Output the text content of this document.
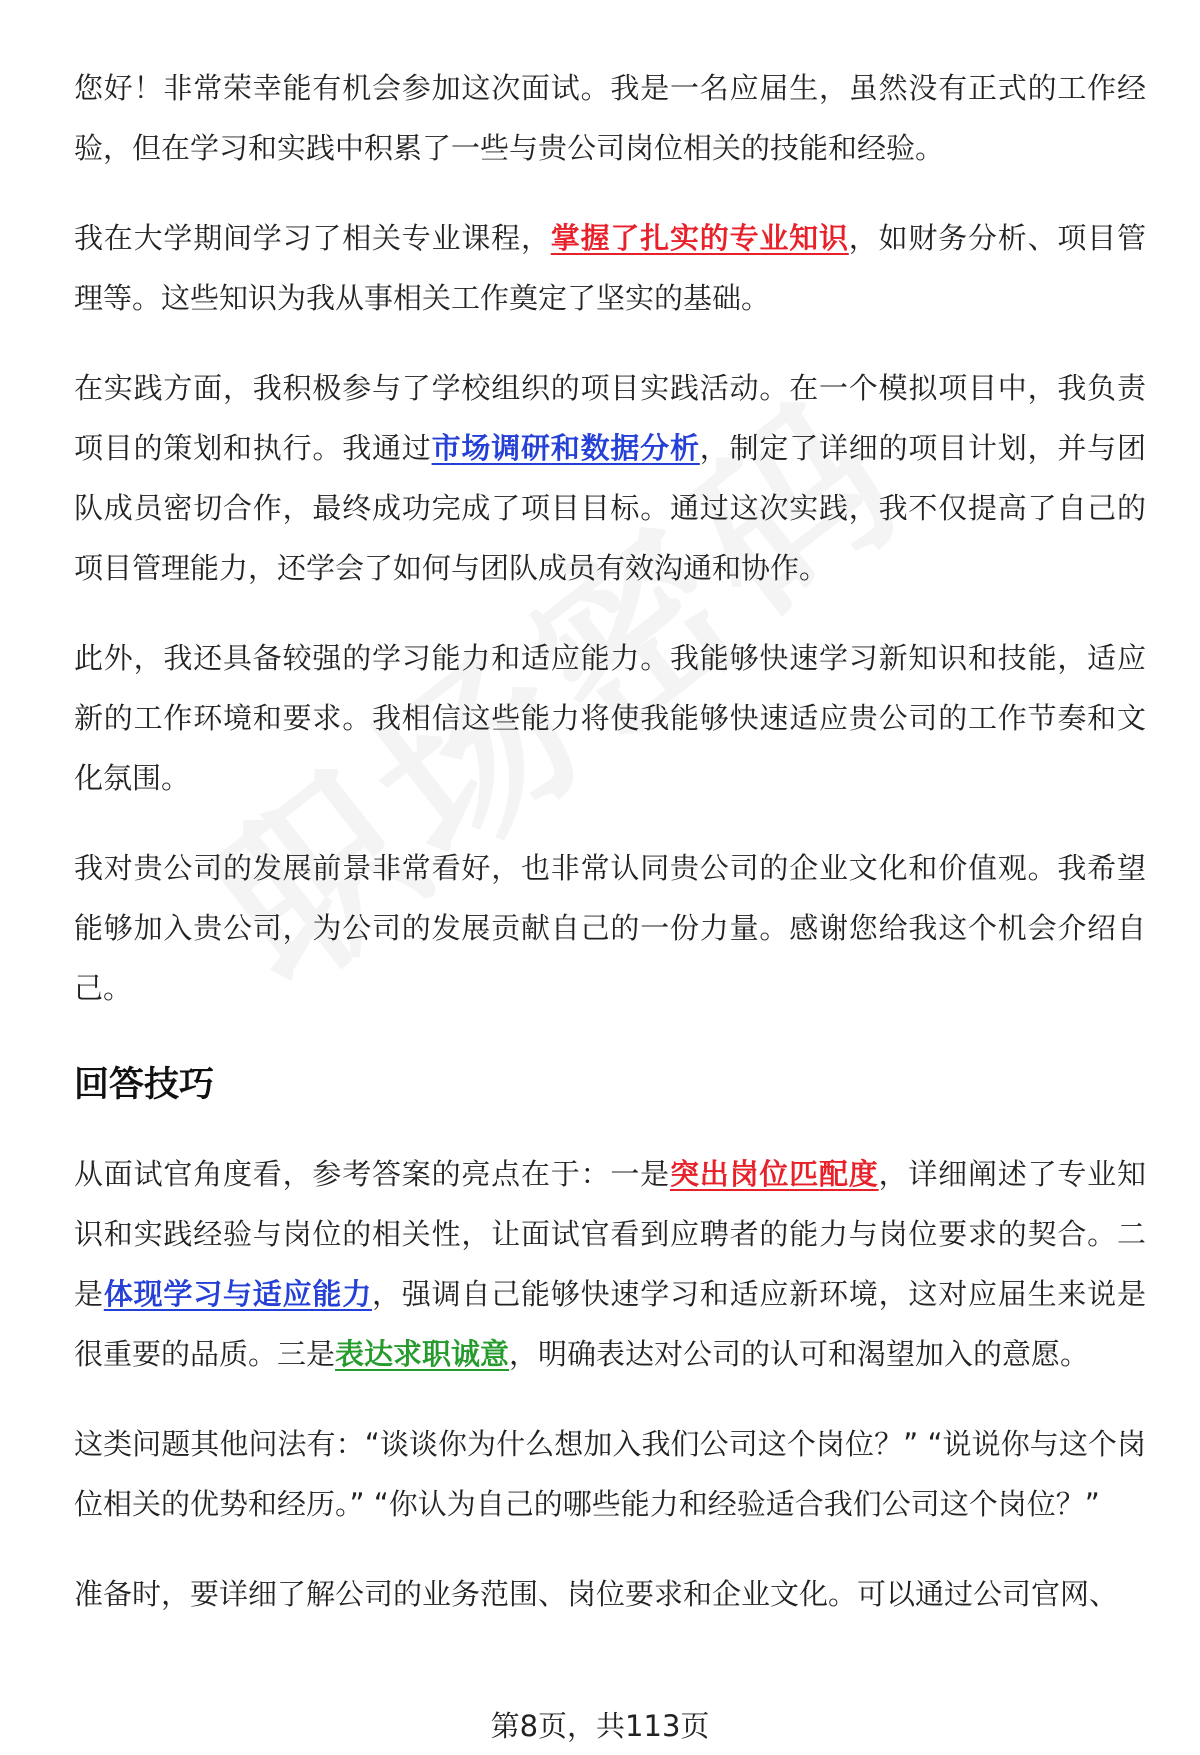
您好！非常荣幸能有机会参加这次面试。我是一名应届生，虽然没有正式的工作经验，但在学习和实践中积累了一些与贵公司岗位相关的技能和经验。

我在大学期间学习了相关专业课程，掌握了扎实的专业知识，如财务分析、项目管理等。这些知识为我从事相关工作奠定了坚实的基础。

在实践方面，我积极参与了学校组织的项目实践活动。在一个模拟项目中，我负责项目的策划和执行。我通过市场调研和数据分析，制定了详细的项目计划，并与团队成员密切合作，最终成功完成了项目目标。通过这次实践，我不仅提高了自己的项目管理能力，还学会了如何与团队成员有效沟通和协作。

此外，我还具备较强的学习能力和适应能力。我能够快速学习新知识和技能，适应新的工作环境和要求。我相信这些能力将使我能够快速适应贵公司的工作节奏和文化氛围。

我对贵公司的发展前景非常看好，也非常认同贵公司的企业文化和价值观。我希望能够加入贵公司，为公司的发展贡献自己的一份力量。感谢您给我这个机会介绍自己。

回答技巧

从面试官角度看，参考答案的亮点在于：一是突出岗位匹配度，详细阐述了专业知识和实践经验与岗位的相关性，让面试官看到应聘者的能力与岗位要求的契合。二是体现学习与适应能力，强调自己能够快速学习和适应新环境，这对应届生来说是很重要的品质。三是表达求职诚意，明确表达对公司的认可和渴望加入的意愿。

这类问题其他问法有：“谈谈你为什么想加入我们公司这个岗位？” “说说你与这个岗位相关的优势和经历。” “你认为自己的哪些能力和经验适合我们公司这个岗位？”

准备时，要详细了解公司的业务范围、岗位要求和企业文化。可以通过公司官网、

第8页，共113页
